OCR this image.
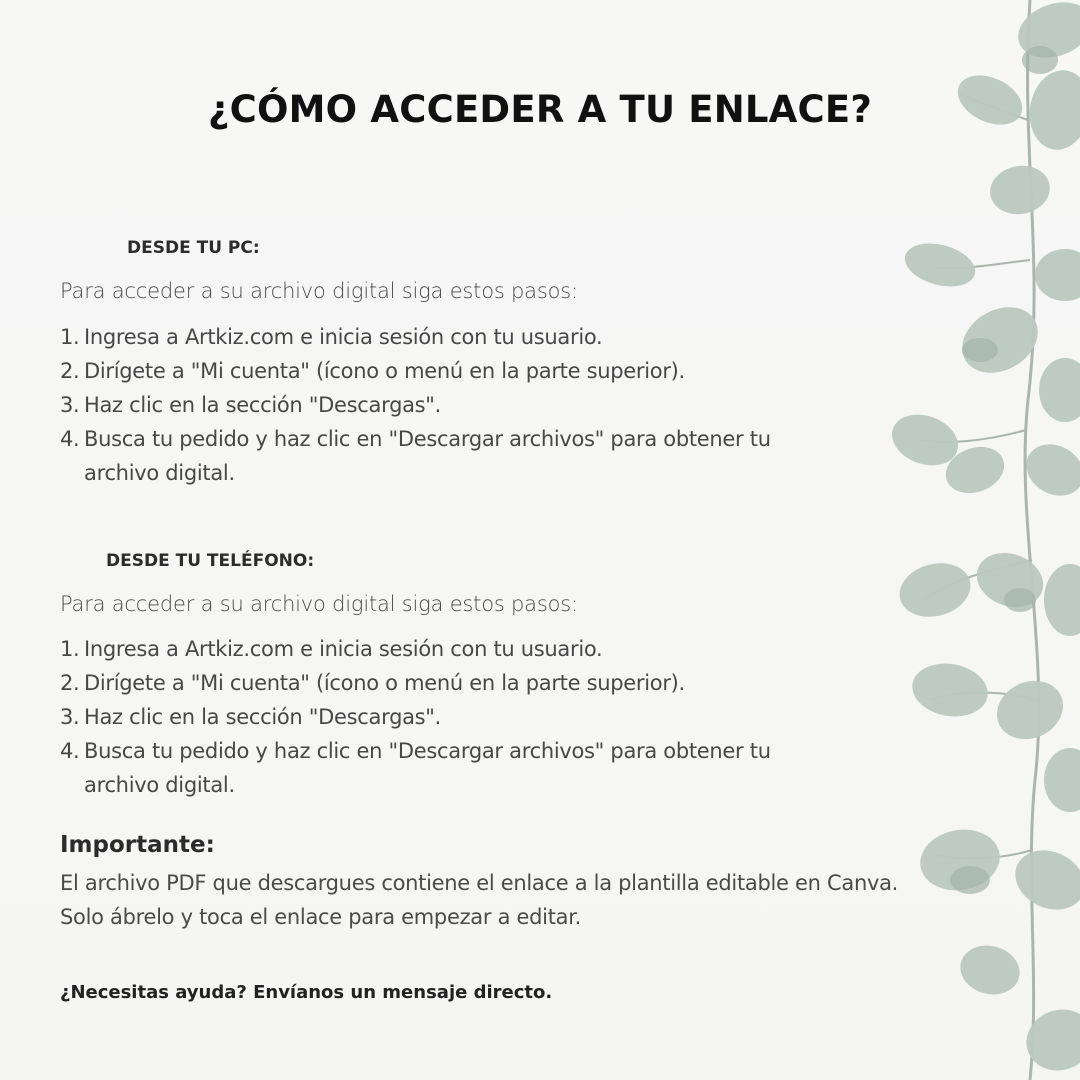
¿CÓMO ACCEDER A TU ENLACE?
DESDE TU PC:
Para acceder a su archivo digital siga estos pasos:
1. Ingresa a Artkiz.com e inicia sesión con tu usuario.
2. Dirígete a "Mi cuenta" (ícono o menú en la parte superior).
3. Haz clic en la sección "Descargas".
4. Busca tu pedido y haz clic en "Descargar archivos" para obtener tu archivo digital.
DESDE TU TELÉFONO:
Para acceder a su archivo digital siga estos pasos:
1. Ingresa a Artkiz.com e inicia sesión con tu usuario.
2. Dirígete a "Mi cuenta" (ícono o menú en la parte superior).
3. Haz clic en la sección "Descargas".
4. Busca tu pedido y haz clic en "Descargar archivos" para obtener tu archivo digital.
Importante:
El archivo PDF que descargues contiene el enlace a la plantilla editable en Canva. Solo ábrelo y toca el enlace para empezar a editar.
¿Necesitas ayuda? Envíanos un mensaje directo.
